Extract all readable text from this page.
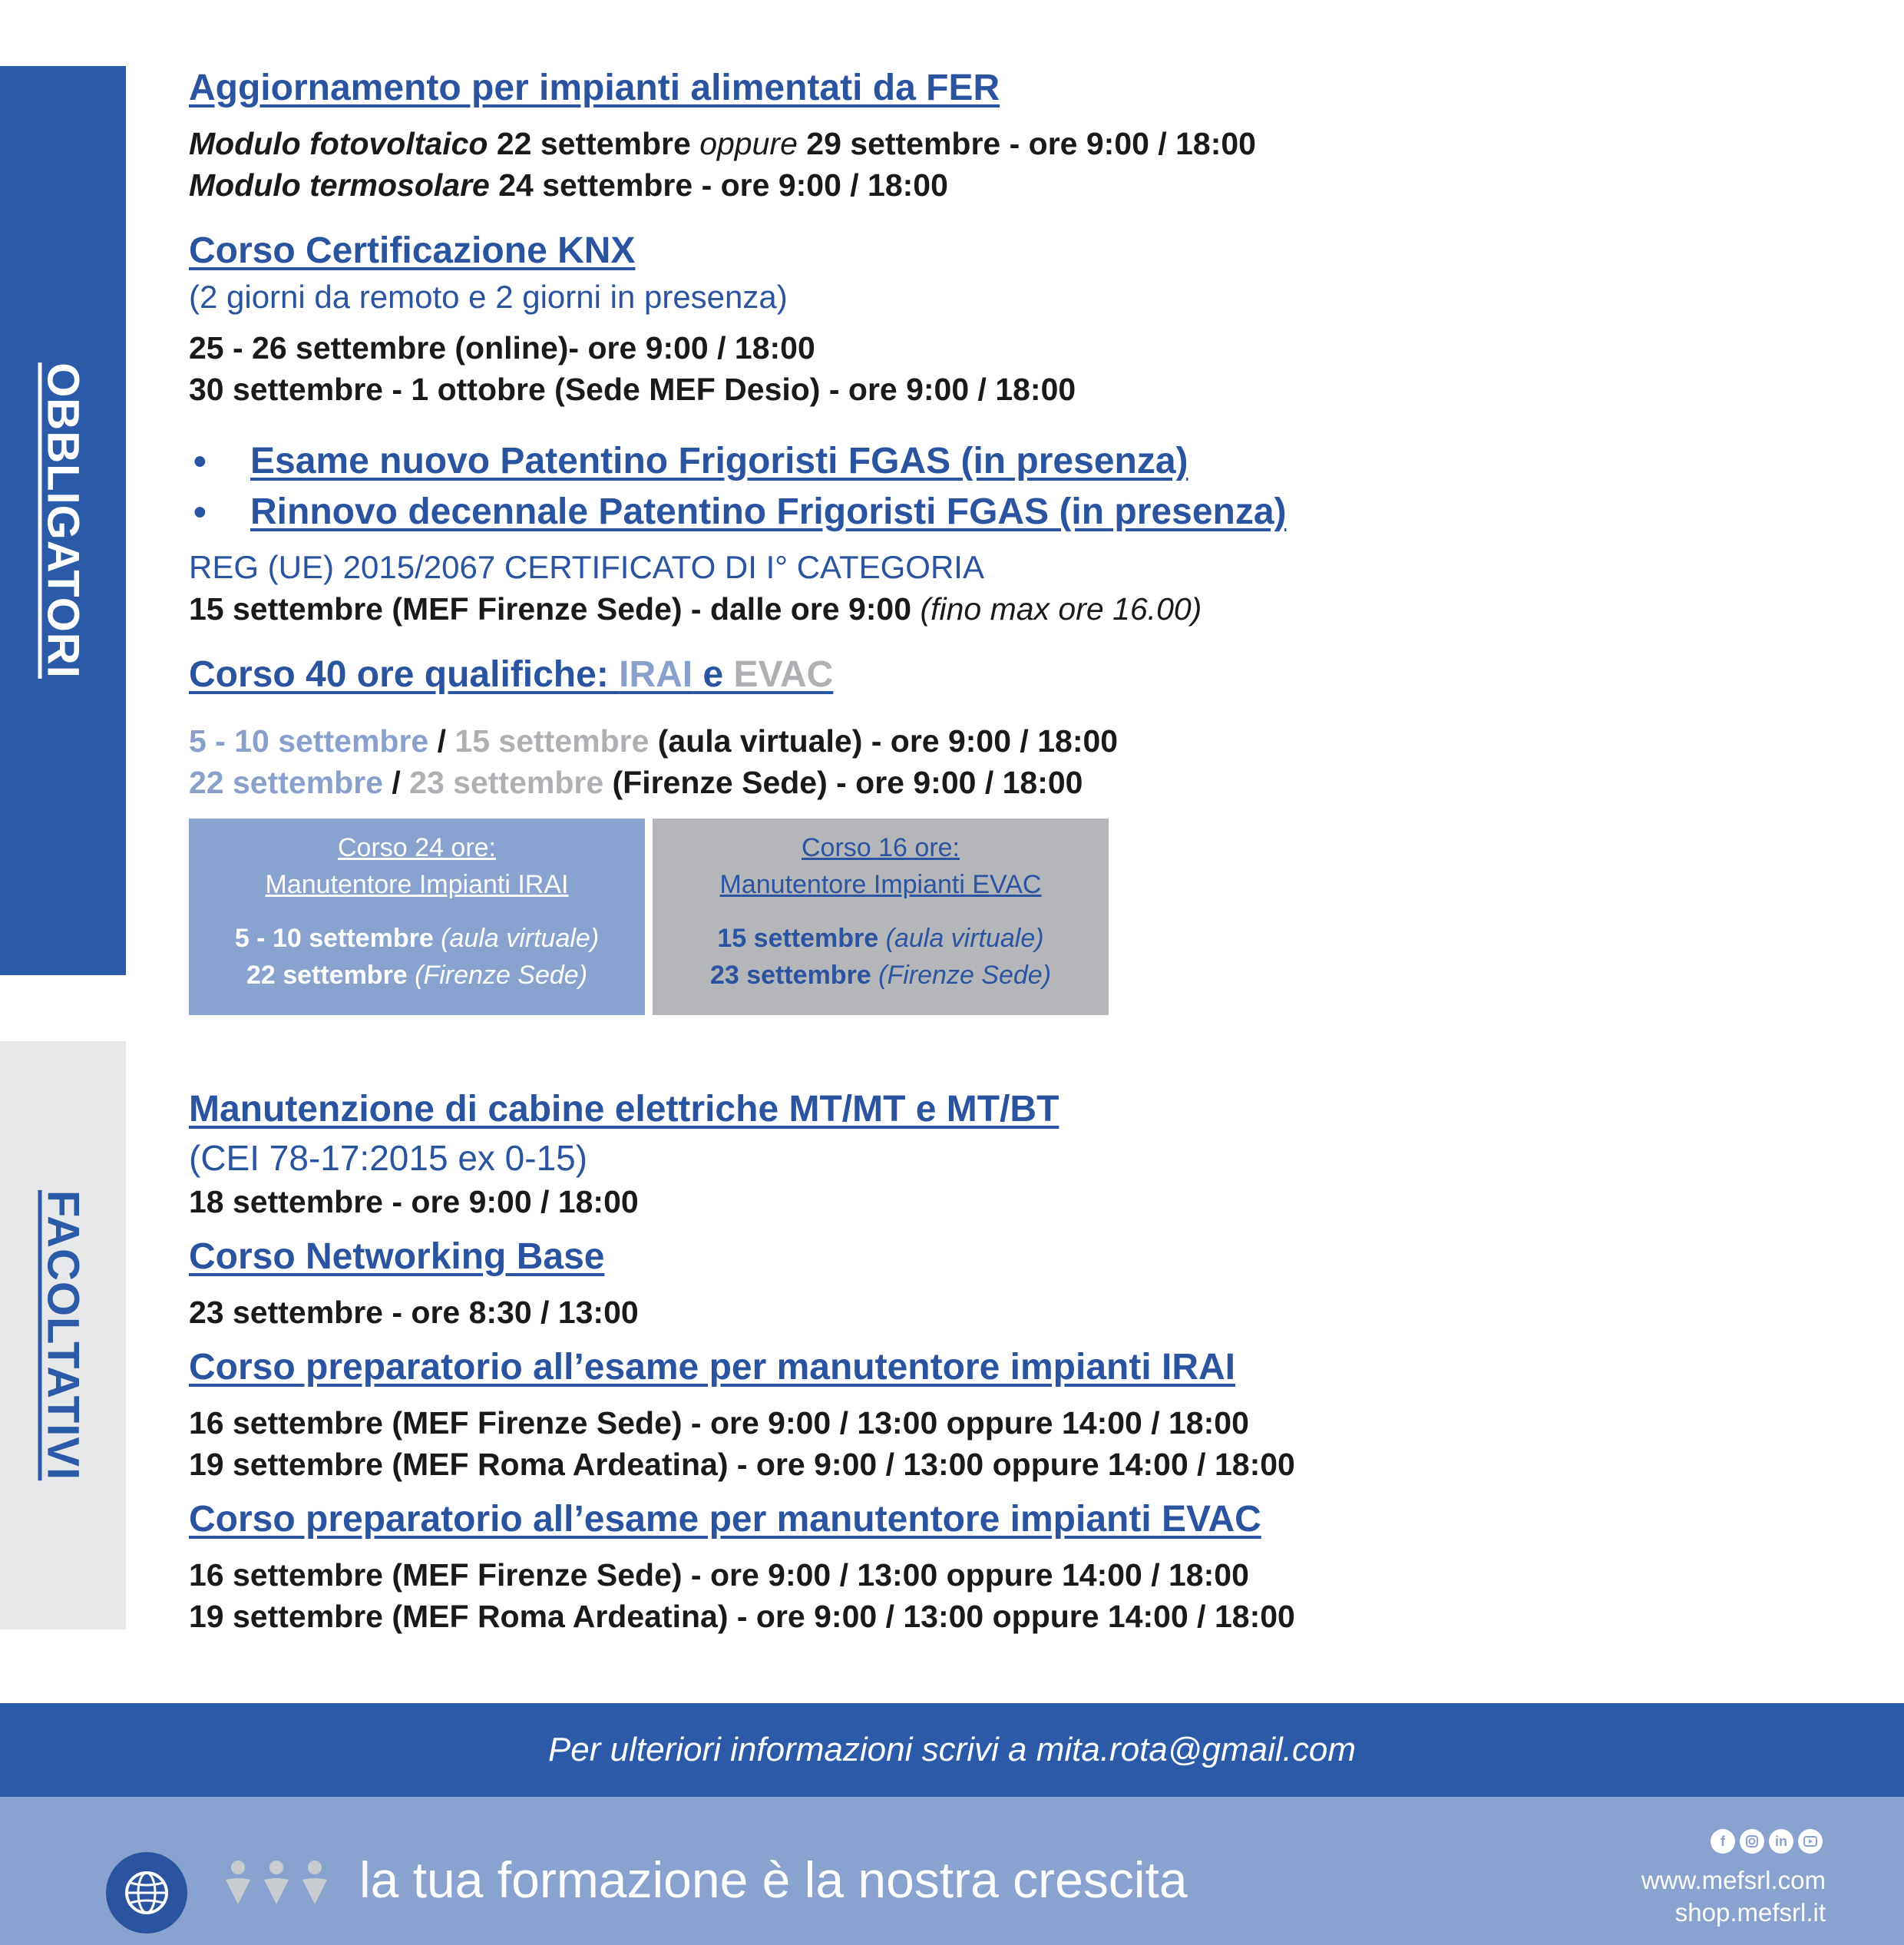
OBBLIGATORI
FACOLTATIVI

Aggiornamento per impianti alimentati da FER

Modulo fotovoltaico 22 settembre oppure 29 settembre - ore 9:00 / 18:00

Modulo termosolare 24 settembre - ore 9:00 / 18:00

Corso Certificazione KNX

(2 giorni da remoto e 2 giorni in presenza)

25 - 26 settembre (online)- ore 9:00 / 18:00

30 settembre - 1 ottobre (Sede MEF Desio) - ore 9:00 / 18:00

•	Esame nuovo Patentino Frigoristi FGAS (in presenza)

•	Rinnovo decennale Patentino Frigoristi FGAS (in presenza)

REG (UE) 2015/2067 CERTIFICATO DI I° CATEGORIA

15 settembre (MEF Firenze Sede) - dalle ore 9:00 (fino max ore 16.00)

Corso 40 ore qualifiche: IRAI e EVAC

5 - 10 settembre / 15 settembre (aula virtuale) - ore 9:00 / 18:00

22 settembre / 23 settembre (Firenze Sede) - ore 9:00 / 18:00

Corso 24 ore:

Manutentore Impianti IRAI

5 - 10 settembre (aula virtuale)

22 settembre (Firenze Sede)

Corso 16 ore:

Manutentore Impianti EVAC

15 settembre (aula virtuale)

23 settembre (Firenze Sede)

Manutenzione di cabine elettriche MT/MT e MT/BT

(CEI 78-17:2015 ex 0-15)

18 settembre - ore 9:00 / 18:00

Corso Networking Base

23 settembre - ore 8:30 / 13:00

Corso preparatorio all’esame per manutentore impianti IRAI

16 settembre (MEF Firenze Sede) - ore 9:00 / 13:00 oppure 14:00 / 18:00

19 settembre (MEF Roma Ardeatina) - ore 9:00 / 13:00 oppure 14:00 / 18:00

Corso preparatorio all’esame per manutentore impianti EVAC

16 settembre (MEF Firenze Sede) - ore 9:00 / 13:00 oppure 14:00 / 18:00

19 settembre (MEF Roma Ardeatina) - ore 9:00 / 13:00 oppure 14:00 / 18:00

Per ulteriori informazioni scrivi a mita.rota@gmail.com
la tua formazione è la nostra crescita
f	in
www.mefsrl.com
shop.mefsrl.it
